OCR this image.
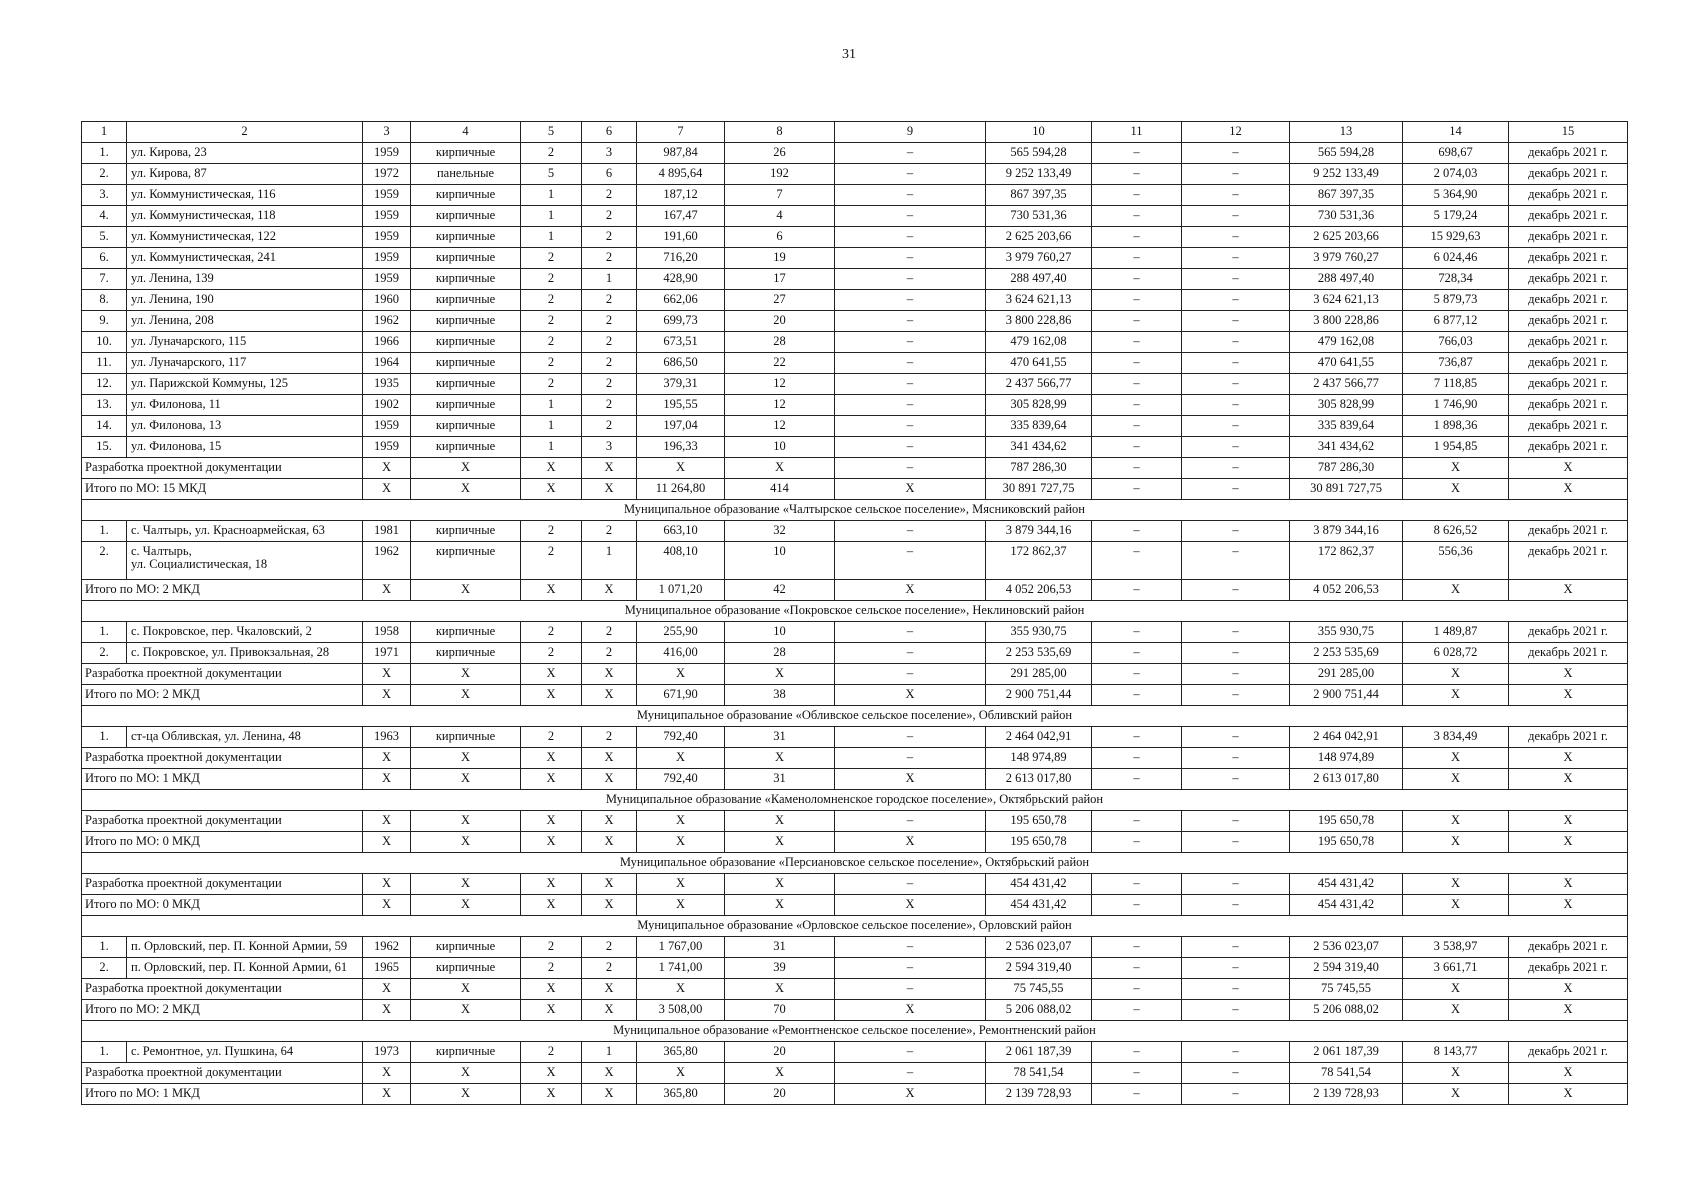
31
1	2	3	4	5	6	7	8	9	10	11	12	13	14	15
1.	ул. Кирова, 23	1959	кирпичные	2	3	987,84	26	–	565 594,28	–	–	565 594,28	698,67	декабрь 2021 г.
2.	ул. Кирова, 87	1972	панельные	5	6	4 895,64	192	–	9 252 133,49	–	–	9 252 133,49	2 074,03	декабрь 2021 г.
3.	ул. Коммунистическая, 116	1959	кирпичные	1	2	187,12	7	–	867 397,35	–	–	867 397,35	5 364,90	декабрь 2021 г.
4.	ул. Коммунистическая, 118	1959	кирпичные	1	2	167,47	4	–	730 531,36	–	–	730 531,36	5 179,24	декабрь 2021 г.
5.	ул. Коммунистическая, 122	1959	кирпичные	1	2	191,60	6	–	2 625 203,66	–	–	2 625 203,66	15 929,63	декабрь 2021 г.
6.	ул. Коммунистическая, 241	1959	кирпичные	2	2	716,20	19	–	3 979 760,27	–	–	3 979 760,27	6 024,46	декабрь 2021 г.
7.	ул. Ленина, 139	1959	кирпичные	2	1	428,90	17	–	288 497,40	–	–	288 497,40	728,34	декабрь 2021 г.
8.	ул. Ленина, 190	1960	кирпичные	2	2	662,06	27	–	3 624 621,13	–	–	3 624 621,13	5 879,73	декабрь 2021 г.
9.	ул. Ленина, 208	1962	кирпичные	2	2	699,73	20	–	3 800 228,86	–	–	3 800 228,86	6 877,12	декабрь 2021 г.
10.	ул. Луначарского, 115	1966	кирпичные	2	2	673,51	28	–	479 162,08	–	–	479 162,08	766,03	декабрь 2021 г.
11.	ул. Луначарского, 117	1964	кирпичные	2	2	686,50	22	–	470 641,55	–	–	470 641,55	736,87	декабрь 2021 г.
12.	ул. Парижской Коммуны, 125	1935	кирпичные	2	2	379,31	12	–	2 437 566,77	–	–	2 437 566,77	7 118,85	декабрь 2021 г.
13.	ул. Филонова, 11	1902	кирпичные	1	2	195,55	12	–	305 828,99	–	–	305 828,99	1 746,90	декабрь 2021 г.
14.	ул. Филонова, 13	1959	кирпичные	1	2	197,04	12	–	335 839,64	–	–	335 839,64	1 898,36	декабрь 2021 г.
15.	ул. Филонова, 15	1959	кирпичные	1	3	196,33	10	–	341 434,62	–	–	341 434,62	1 954,85	декабрь 2021 г.
Разработка проектной документации		X	X	X	X	X	X	–	787 286,30	–	–	787 286,30	X	X
Итого по МО: 15 МКД		X	X	X	X	11 264,80	414	X	30 891 727,75	–	–	30 891 727,75	X	X
Муниципальное образование «Чалтырское сельское поселение», Мясниковский район														
1.	с. Чалтырь, ул. Красноармейская, 63	1981	кирпичные	2	2	663,10	32	–	3 879 344,16	–	–	3 879 344,16	8 626,52	декабрь 2021 г.
2.	с. Чалтырь,
ул. Социалистическая, 18	1962	кирпичные	2	1	408,10	10	–	172 862,37	–	–	172 862,37	556,36	декабрь 2021 г.
Итого по МО: 2 МКД		X	X	X	X	1 071,20	42	X	4 052 206,53	–	–	4 052 206,53	X	X
Муниципальное образование «Покровское сельское поселение», Неклиновский район														
1.	с. Покровское, пер. Чкаловский, 2	1958	кирпичные	2	2	255,90	10	–	355 930,75	–	–	355 930,75	1 489,87	декабрь 2021 г.
2.	с. Покровское, ул. Привокзальная, 28	1971	кирпичные	2	2	416,00	28	–	2 253 535,69	–	–	2 253 535,69	6 028,72	декабрь 2021 г.
Разработка проектной документации		X	X	X	X	X	X	–	291 285,00	–	–	291 285,00	X	X
Итого по МО: 2 МКД		X	X	X	X	671,90	38	X	2 900 751,44	–	–	2 900 751,44	X	X
Муниципальное образование «Обливское сельское поселение», Обливский район														
1.	ст-ца Обливская, ул. Ленина, 48	1963	кирпичные	2	2	792,40	31	–	2 464 042,91	–	–	2 464 042,91	3 834,49	декабрь 2021 г.
Разработка проектной документации		X	X	X	X	X	X	–	148 974,89	–	–	148 974,89	X	X
Итого по МО: 1 МКД		X	X	X	X	792,40	31	X	2 613 017,80	–	–	2 613 017,80	X	X
Муниципальное образование «Каменоломненское городское поселение», Октябрьский район														
Разработка проектной документации		X	X	X	X	X	X	–	195 650,78	–	–	195 650,78	X	X
Итого по МО: 0 МКД		X	X	X	X	X	X	X	195 650,78	–	–	195 650,78	X	X
Муниципальное образование «Персиановское сельское поселение», Октябрьский район														
Разработка проектной документации		X	X	X	X	X	X	–	454 431,42	–	–	454 431,42	X	X
Итого по МО: 0 МКД		X	X	X	X	X	X	X	454 431,42	–	–	454 431,42	X	X
Муниципальное образование «Орловское сельское поселение», Орловский район														
1.	п. Орловский, пер. П. Конной Армии, 59	1962	кирпичные	2	2	1 767,00	31	–	2 536 023,07	–	–	2 536 023,07	3 538,97	декабрь 2021 г.
2.	п. Орловский, пер. П. Конной Армии, 61	1965	кирпичные	2	2	1 741,00	39	–	2 594 319,40	–	–	2 594 319,40	3 661,71	декабрь 2021 г.
Разработка проектной документации		X	X	X	X	X	X	–	75 745,55	–	–	75 745,55	X	X
Итого по МО: 2 МКД		X	X	X	X	3 508,00	70	X	5 206 088,02	–	–	5 206 088,02	X	X
Муниципальное образование «Ремонтненское сельское поселение», Ремонтненский район														
1.	с. Ремонтное, ул. Пушкина, 64	1973	кирпичные	2	1	365,80	20	–	2 061 187,39	–	–	2 061 187,39	8 143,77	декабрь 2021 г.
Разработка проектной документации		X	X	X	X	X	X	–	78 541,54	–	–	78 541,54	X	X
Итого по МО: 1 МКД		X	X	X	X	365,80	20	X	2 139 728,93	–	–	2 139 728,93	X	X
